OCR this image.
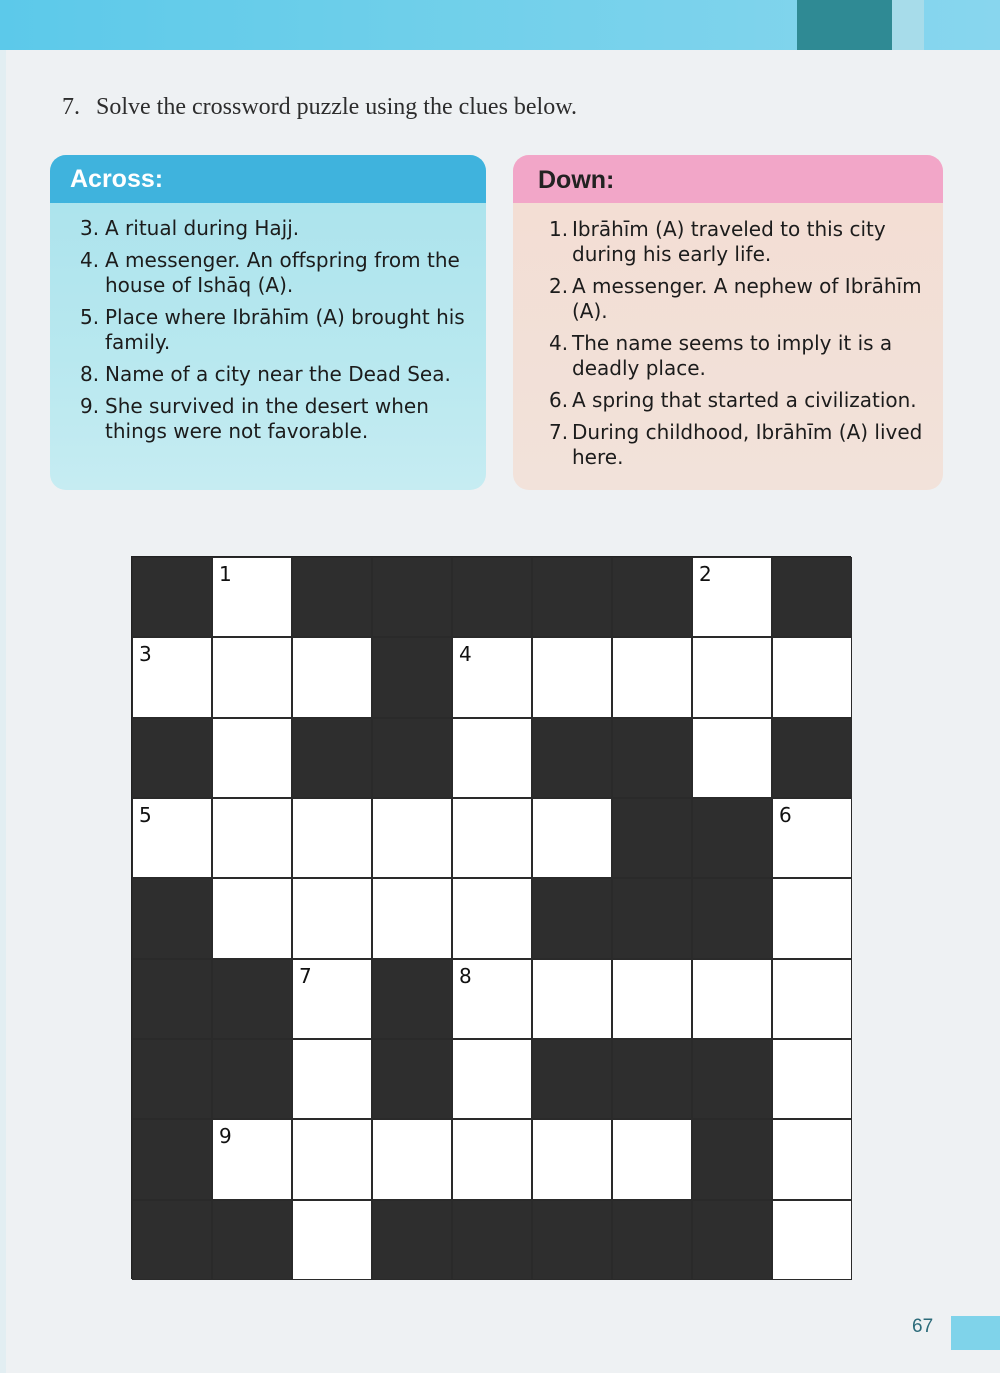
7. Solve the crossword puzzle using the clues below.
Across:
3. A ritual during Hajj.
4. A messenger. An offspring from the house of Ishāq (A).
5. Place where Ibrāhīm (A) brought his family.
8. Name of a city near the Dead Sea.
9. She survived in the desert when things were not favorable.
Down:
1. Ibrāhīm (A) traveled to this city during his early life.
2. A messenger. A nephew of Ibrāhīm (A).
4. The name seems to imply it is a deadly place.
6. A spring that started a civilization.
7. During childhood, Ibrāhīm (A) lived here.
1	2
3	4
5	6
7	8
9
67
